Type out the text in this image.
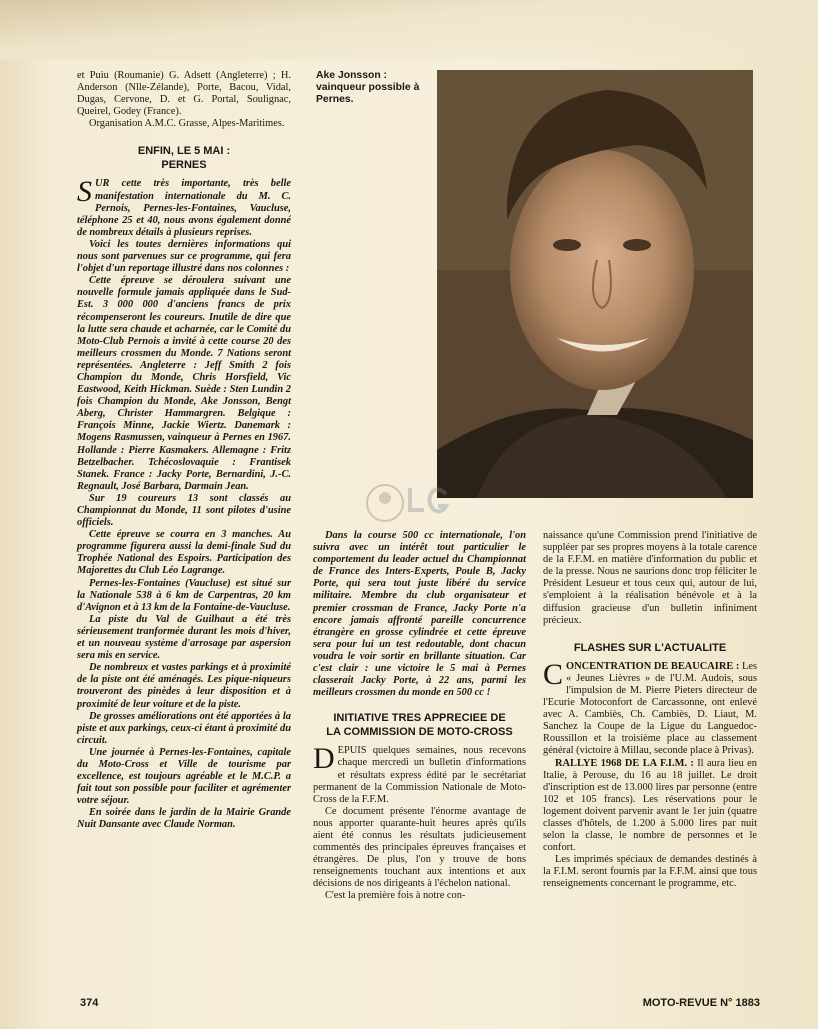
et Puiu (Roumanie) G. Adsett (Angleterre) ; H. Anderson (Nlle-Zélande), Porte, Bacou, Vidal, Dugas, Cervone, D. et G. Portal, Soulignac, Queirel, Godey (France).

Organisation A.M.C. Grasse, Alpes-Maritimes.

ENFIN, LE 5 MAI :
PERNES

SUR cette très importante, très belle manifestation internationale du M. C. Pernois, Pernes-les-Fontaines, Vaucluse, téléphone 25 et 40, nous avons également donné de nombreux détails à plusieurs reprises.

Voici les toutes dernières informations qui nous sont parvenues sur ce programme, qui fera l'objet d'un reportage illustré dans nos colonnes :

Cette épreuve se déroulera suivant une nouvelle formule jamais appliquée dans le Sud-Est. 3 000 000 d'anciens francs de prix récompenseront les coureurs. Inutile de dire que la lutte sera chaude et acharnée, car le Comité du Moto-Club Pernois a invité à cette course 20 des meilleurs crossmen du Monde. 7 Nations seront représentées. Angleterre : Jeff Smith 2 fois Champion du Monde, Chris Horsfield, Vic Eastwood, Keith Hickman. Suède : Sten Lundin 2 fois Champion du Monde, Ake Jonsson, Bengt Aberg, Christer Hammargren. Belgique : François Minne, Jackie Wiertz. Danemark : Mogens Rasmussen, vainqueur à Pernes en 1967. Hollande : Pierre Kasmakers. Allemagne : Fritz Betzelbacher. Tchécoslovaquie : Frantisek Stanek. France : Jacky Porte, Bernardini, J.-C. Regnault, José Barbara, Darmain Jean.

Sur 19 coureurs 13 sont classés au Championnat du Monde, 11 sont pilotes d'usine officiels.

Cette épreuve se courra en 3 manches. Au programme figurera aussi la demi-finale Sud du Trophée National des Espoirs. Participation des Majorettes du Club Léo Lagrange.

Pernes-les-Fontaines (Vaucluse) est situé sur la Nationale 538 à 6 km de Carpentras, 20 km d'Avignon et à 13 km de la Fontaine-de-Vaucluse.

La piste du Val de Guilhaut a été très sérieusement tranformée durant les mois d'hiver, et un nouveau système d'arrosage par aspersion sera mis en service.

De nombreux et vastes parkings et à proximité de la piste ont été aménagés. Les pique-niqueurs trouveront des pinèdes à leur disposition et à proximité de leur voiture et de la piste.

De grosses améliorations ont été apportées à la piste et aux parkings, ceux-ci étant à proximité du circuit.

Une journée à Pernes-les-Fontaines, capitale du Moto-Cross et Ville de tourisme par excellence, est toujours agréable et le M.C.P. a fait tout son possible pour faciliter et agrémenter votre séjour.

En soirée dans le jardin de la Mairie Grande Nuit Dansante avec Claude Norman.

Ake Jonsson : vainqueur possible à Pernes.

Dans la course 500 cc internationale, l'on suivra avec un intérêt tout particulier le comportement du leader actuel du Championnat de France des Inters-Experts, Poule B, Jacky Porte, qui sera tout juste libéré du service militaire. Membre du club organisateur et premier crossman de France, Jacky Porte n'a encore jamais affronté pareille concurrence étrangère en grosse cylindrée et cette épreuve sera pour lui un test redoutable, dont chacun voudra le voir sortir en brillante situation. Car c'est clair : une victoire le 5 mai à Pernes classerait Jacky Porte, à 22 ans, parmi les meilleurs crossmen du monde en 500 cc !

INITIATIVE TRES APPRECIEE DE
LA COMMISSION DE MOTO-CROSS

DEPUIS quelques semaines, nous recevons chaque mercredi un bulletin d'informations et résultats express édité par le secrétariat permanent de la Commission Nationale de Moto-Cross de la F.F.M.

Ce document présente l'énorme avantage de nous apporter quarante-huit heures après qu'ils aient été connus les résultats judicieusement commentés des principales épreuves françaises et étrangères. De plus, l'on y trouve de bons renseignements touchant aux intentions et aux décisions de nos dirigeants à l'échelon national.

C'est la première fois à notre con-

naissance qu'une Commission prend l'initiative de suppléer par ses propres moyens à la totale carence de la F.F.M. en matière d'information du public et de la presse. Nous ne saurions donc trop féliciter le Président Lesueur et tous ceux qui, autour de lui, s'emploient à la réalisation bénévole et à la diffusion gracieuse d'un bulletin infiniment précieux.

FLASHES SUR L'ACTUALITE

CONCENTRATION DE BEAUCAIRE : Les « Jeunes Lièvres » de l'U.M. Audois, sous l'impulsion de M. Pierre Pieters directeur de l'Ecurie Motoconfort de Carcassonne, ont enlevé avec A. Cambiès, Ch. Cambiès, D. Liaut, M. Sanchez la Coupe de la Ligue du Languedoc-Roussillon et la troisième place au classement général (victoire à Millau, seconde place à Privas).

RALLYE 1968 DE LA F.I.M. : Il aura lieu en Italie, à Perouse, du 16 au 18 juillet. Le droit d'inscription est de 13.000 lires par personne (entre 102 et 105 francs). Les réservations pour le logement doivent parvenir avant le 1er juin (quatre classes d'hôtels, de 1.200 à 5.000 lires par nuit selon la classe, le nombre de personnes et le confort.

Les imprimés spéciaux de demandes destinés à la F.I.M. seront fournis par la F.F.M. ainsi que tous renseignements concernant le programme, etc.

374	MOTO-REVUE N° 1883
